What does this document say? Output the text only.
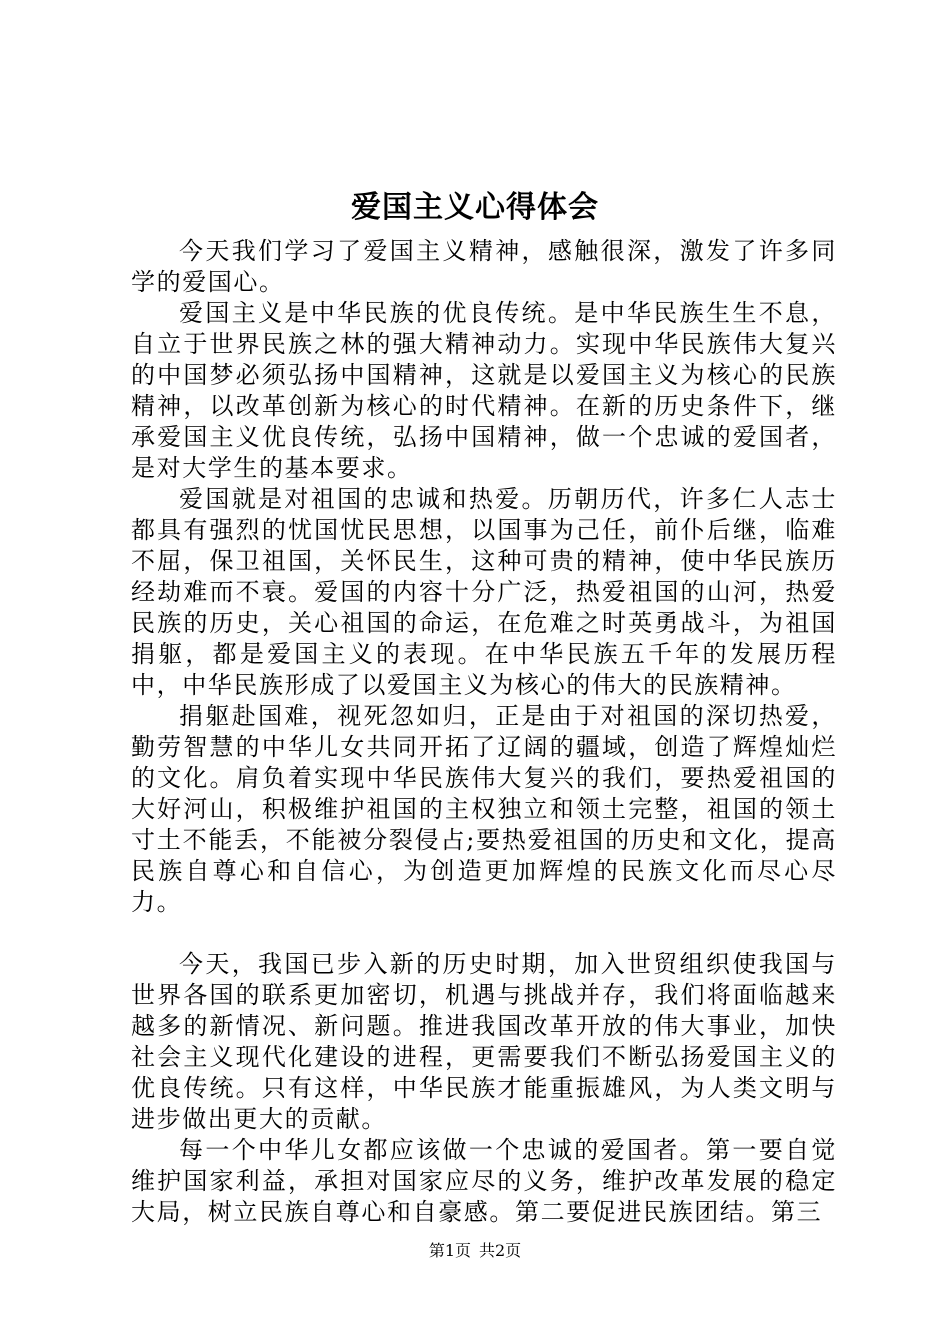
爱国主义心得体会

今天我们学习了爱国主义精神，感触很深，激发了许多同学的爱国心。

爱国主义是中华民族的优良传统。是中华民族生生不息，自立于世界民族之林的强大精神动力。实现中华民族伟大复兴的中国梦必须弘扬中国精神，这就是以爱国主义为核心的民族精神，以改革创新为核心的时代精神。在新的历史条件下，继承爱国主义优良传统，弘扬中国精神，做一个忠诚的爱国者，是对大学生的基本要求。

爱国就是对祖国的忠诚和热爱。历朝历代，许多仁人志士都具有强烈的忧国忧民思想，以国事为己任，前仆后继，临难不屈，保卫祖国，关怀民生，这种可贵的精神，使中华民族历经劫难而不衰。爱国的内容十分广泛，热爱祖国的山河，热爱民族的历史，关心祖国的命运，在危难之时英勇战斗，为祖国捐躯，都是爱国主义的表现。在中华民族五千年的发展历程中，中华民族形成了以爱国主义为核心的伟大的民族精神。

捐躯赴国难，视死忽如归，正是由于对祖国的深切热爱，勤劳智慧的中华儿女共同开拓了辽阔的疆域，创造了辉煌灿烂的文化。肩负着实现中华民族伟大复兴的我们，要热爱祖国的大好河山，积极维护祖国的主权独立和领土完整，祖国的领土寸土不能丢，不能被分裂侵占;要热爱祖国的历史和文化，提高民族自尊心和自信心，为创造更加辉煌的民族文化而尽心尽力。

今天，我国已步入新的历史时期，加入世贸组织使我国与世界各国的联系更加密切，机遇与挑战并存，我们将面临越来越多的新情况、新问题。推进我国改革开放的伟大事业，加快社会主义现代化建设的进程，更需要我们不断弘扬爱国主义的优良传统。只有这样，中华民族才能重振雄风，为人类文明与进步做出更大的贡献。

每一个中华儿女都应该做一个忠诚的爱国者。第一要自觉维护国家利益，承担对国家应尽的义务，维护改革发展的稳定大局，树立民族自尊心和自豪感。第二要促进民族团结。第三

第1页 共2页
